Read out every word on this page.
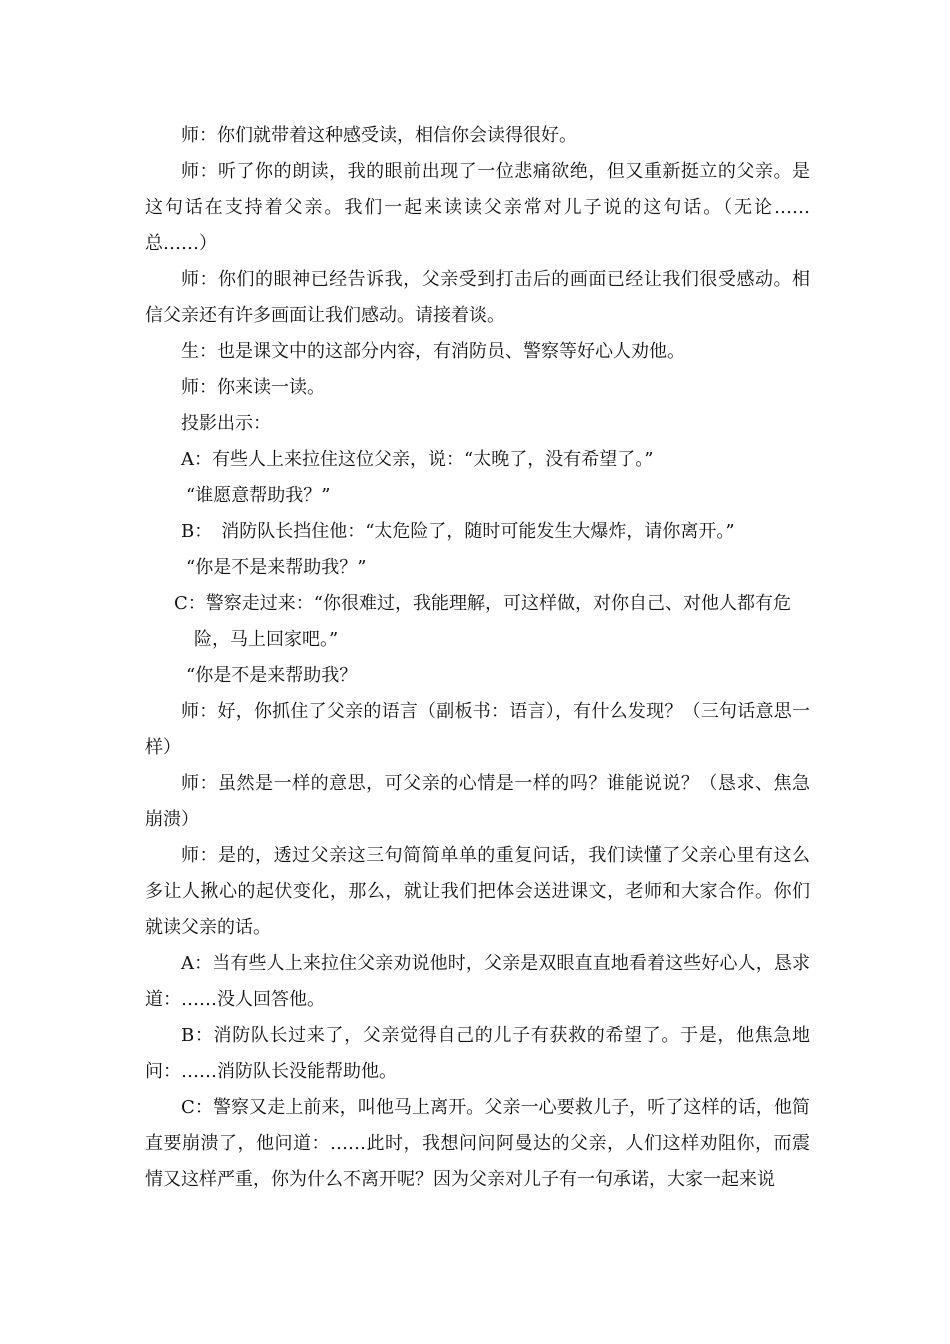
师：你们就带着这种感受读，相信你会读得很好。

师：听了你的朗读，我的眼前出现了一位悲痛欲绝，但又重新挺立的父亲。是这句话在支持着父亲。我们一起来读读父亲常对儿子说的这句话。（无论……总……）

师：你们的眼神已经告诉我，父亲受到打击后的画面已经让我们很受感动。相信父亲还有许多画面让我们感动。请接着谈。

生：也是课文中的这部分内容，有消防员、警察等好心人劝他。

师：你来读一读。

投影出示：

A：有些人上来拉住这位父亲，说：“太晚了，没有希望了。”

“谁愿意帮助我？”

B：　消防队长挡住他：“太危险了，随时可能发生大爆炸，请你离开。”

“你是不是来帮助我？”

C：警察走过来：“你很难过，我能理解，可这样做，对你自己、对他人都有危
险，马上回家吧。”

“你是不是来帮助我？

师：好，你抓住了父亲的语言（副板书：语言），有什么发现？（三句话意思一样）

师：虽然是一样的意思，可父亲的心情是一样的吗？谁能说说？（恳求、焦急崩溃）

师：是的，透过父亲这三句简简单单的重复问话，我们读懂了父亲心里有这么多让人揪心的起伏变化，那么，就让我们把体会送进课文，老师和大家合作。你们就读父亲的话。

A：当有些人上来拉住父亲劝说他时，父亲是双眼直直地看着这些好心人，恳求道：……没人回答他。

B：消防队长过来了，父亲觉得自己的儿子有获救的希望了。于是，他焦急地问：……消防队长没能帮助他。

C：警察又走上前来，叫他马上离开。父亲一心要救儿子，听了这样的话，他简直要崩溃了，他问道：……此时，我想问问阿曼达的父亲，人们这样劝阻你，而震情又这样严重，你为什么不离开呢？因为父亲对儿子有一句承诺，大家一起来说
